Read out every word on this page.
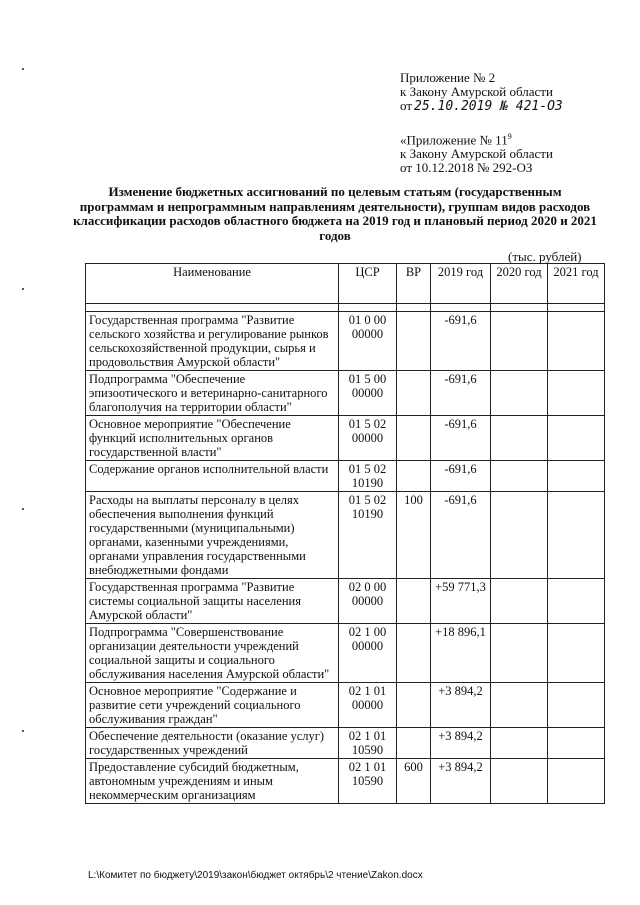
Приложение № 2
к Закону Амурской области
от 25.10.2019 № 421-ОЗ
«Приложение № $11^9$
к Закону Амурской области
от 10.12.2018 № 292-ОЗ
Изменение бюджетных ассигнований по целевым статьям (государственным программам и непрограммным направлениям деятельности), группам видов расходов классификации расходов областного бюджета на 2019 год и плановый период 2020 и 2021 годов
(тыс. рублей)
Наименование	ЦСР	ВР	2019 год	2020 год	2021 год

Государственная программа "Развитие сельского хозяйства и регулирование рынков сельскохозяйственной продукции, сырья и продовольствия Амурской области"	01 0 00 00000		-691,6		
Подпрограмма "Обеспечение эпизоотического и ветеринарно-санитарного благополучия на территории области"	01 5 00 00000		-691,6		
Основное мероприятие "Обеспечение функций исполнительных органов государственной власти"	01 5 02 00000		-691,6		
Содержание органов исполнительной власти	01 5 02 10190		-691,6		
Расходы на выплаты персоналу в целях обеспечения выполнения функций государственными (муниципальными) органами, казенными учреждениями, органами управления государственными внебюджетными фондами	01 5 02 10190	100	-691,6		
Государственная программа "Развитие системы социальной защиты населения Амурской области"	02 0 00 00000		+59 771,3		
Подпрограмма "Совершенствование организации деятельности учреждений социальной защиты и социального обслуживания населения Амурской области"	02 1 00 00000		+18 896,1		
Основное мероприятие "Содержание и развитие сети учреждений социального обслуживания граждан"	02 1 01 00000		+3 894,2		
Обеспечение деятельности (оказание услуг) государственных учреждений	02 1 01 10590		+3 894,2		
Предоставление субсидий бюджетным, автономным учреждениям и иным некоммерческим организациям	02 1 01 10590	600	+3 894,2		
L:\Комитет по бюджету\2019\закон\бюджет октябрь\2 чтение\Zakon.docx
